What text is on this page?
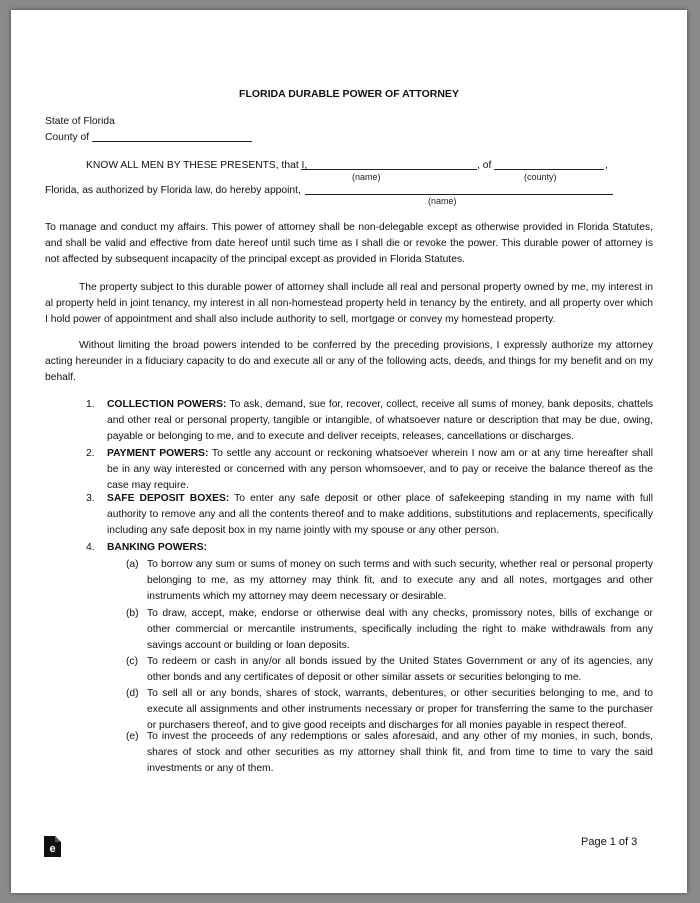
FLORIDA DURABLE POWER OF ATTORNEY
State of Florida
County of
KNOW ALL MEN BY THESE PRESENTS, that I,	, of	,
(name)	(county)
Florida, as authorized by Florida law, do hereby appoint,
(name)
To manage and conduct my affairs. This power of attorney shall be non-delegable except as otherwise provided in Florida Statutes, and shall be valid and effective from date hereof until such time as I shall die or revoke the power. This durable power of attorney is not affected by subsequent incapacity of the principal except as provided in Florida Statutes.
The property subject to this durable power of attorney shall include all real and personal property owned by me, my interest in al property held in joint tenancy, my interest in all non-homestead property held in tenancy by the entirety, and all property over which I hold power of appointment and shall also include authority to sell, mortgage or convey my homestead property.
Without limiting the broad powers intended to be conferred by the preceding provisions, I expressly authorize my attorney acting hereunder in a fiduciary capacity to do and execute all or any of the following acts, deeds, and things for my benefit and on my behalf.
1. COLLECTION POWERS: To ask, demand, sue for, recover, collect, receive all sums of money, bank deposits, chattels and other real or personal property, tangible or intangible, of whatsoever nature or description that may be due, owing, payable or belonging to me, and to execute and deliver receipts, releases, cancellations or discharges.
2. PAYMENT POWERS: To settle any account or reckoning whatsoever wherein I now am or at any time hereafter shall be in any way interested or concerned with any person whomsoever, and to pay or receive the balance thereof as the case may require.
3. SAFE DEPOSIT BOXES: To enter any safe deposit or other place of safekeeping standing in my name with full authority to remove any and all the contents thereof and to make additions, substitutions and replacements, specifically including any safe deposit box in my name jointly with my spouse or any other person.
4. BANKING POWERS:
(a) To borrow any sum or sums of money on such terms and with such security, whether real or personal property belonging to me, as my attorney may think fit, and to execute any and all notes, mortgages and other instruments which my attorney may deem necessary or desirable.
(b) To draw, accept, make, endorse or otherwise deal with any checks, promissory notes, bills of exchange or other commercial or mercantile instruments, specifically including the right to make withdrawals from any savings account or building or loan deposits.
(c) To redeem or cash in any/or all bonds issued by the United States Government or any of its agencies, any other bonds and any certificates of deposit or other similar assets or securities belonging to me.
(d) To sell all or any bonds, shares of stock, warrants, debentures, or other securities belonging to me, and to execute all assignments and other instruments necessary or proper for transferring the same to the purchaser or purchasers thereof, and to give good receipts and discharges for all monies payable in respect thereof.
(e) To invest the proceeds of any redemptions or sales aforesaid, and any other of my monies, in such, bonds, shares of stock and other securities as my attorney shall think fit, and from time to time to vary the said investments or any of them.
e
Page 1 of 3
